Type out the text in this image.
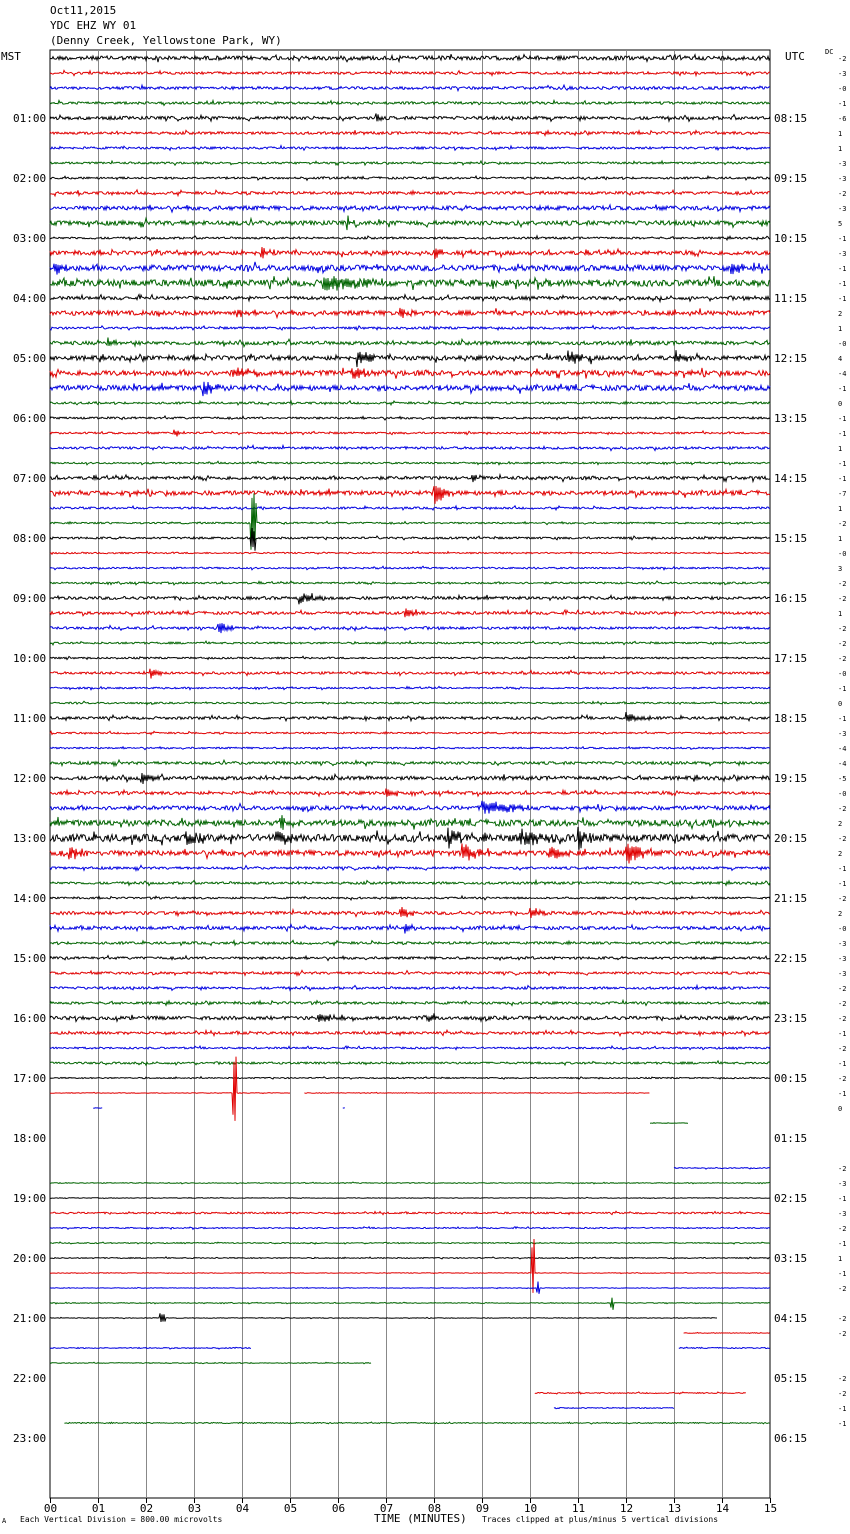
00	01	02	03	04	05	06	07	08	09	10	11	12	13	14	15
-2
-3
-0
-1
-6
1
1
-3
-3
-2
-3
5
-1
-3
-1
-1
-1
2
1
-0
4
-4
-1
0
-1
-1
1
-1
-1
-7
1
-2
1
-0
3
-2
-2
1
-2
-2
-2
-0
-1
0
-1
-3
-4
-4
-5
-0
-2
2
-2
2
-1
-1
-2
2
-0
-3
-3
-3
-2
-2
-2
-1
-2
-1
-2
-1
0
-2
-3
-1
-3
-2
-1
1
-1
-2
-2
-2
-2
-2
-1
-1
01:00	08:15
02:00	09:15
03:00	10:15
04:00	11:15
05:00	12:15
06:00	13:15
07:00	14:15
08:00	15:15
09:00	16:15
10:00	17:15
11:00	18:15
12:00	19:15
13:00	20:15
14:00	21:15
15:00	22:15
16:00	23:15
17:00	00:15
18:00	01:15
19:00	02:15
20:00	03:15
21:00	04:15
22:00	05:15
23:00	06:15
Oct11,2015
YDC EHZ WY 01
(Denny Creek, Yellowstone Park, WY)
MST	UTC	DC
A Each Vertical Division = 800.00 microvolts	TIME (MINUTES) Traces clipped at plus/minus 5 vertical divisions
